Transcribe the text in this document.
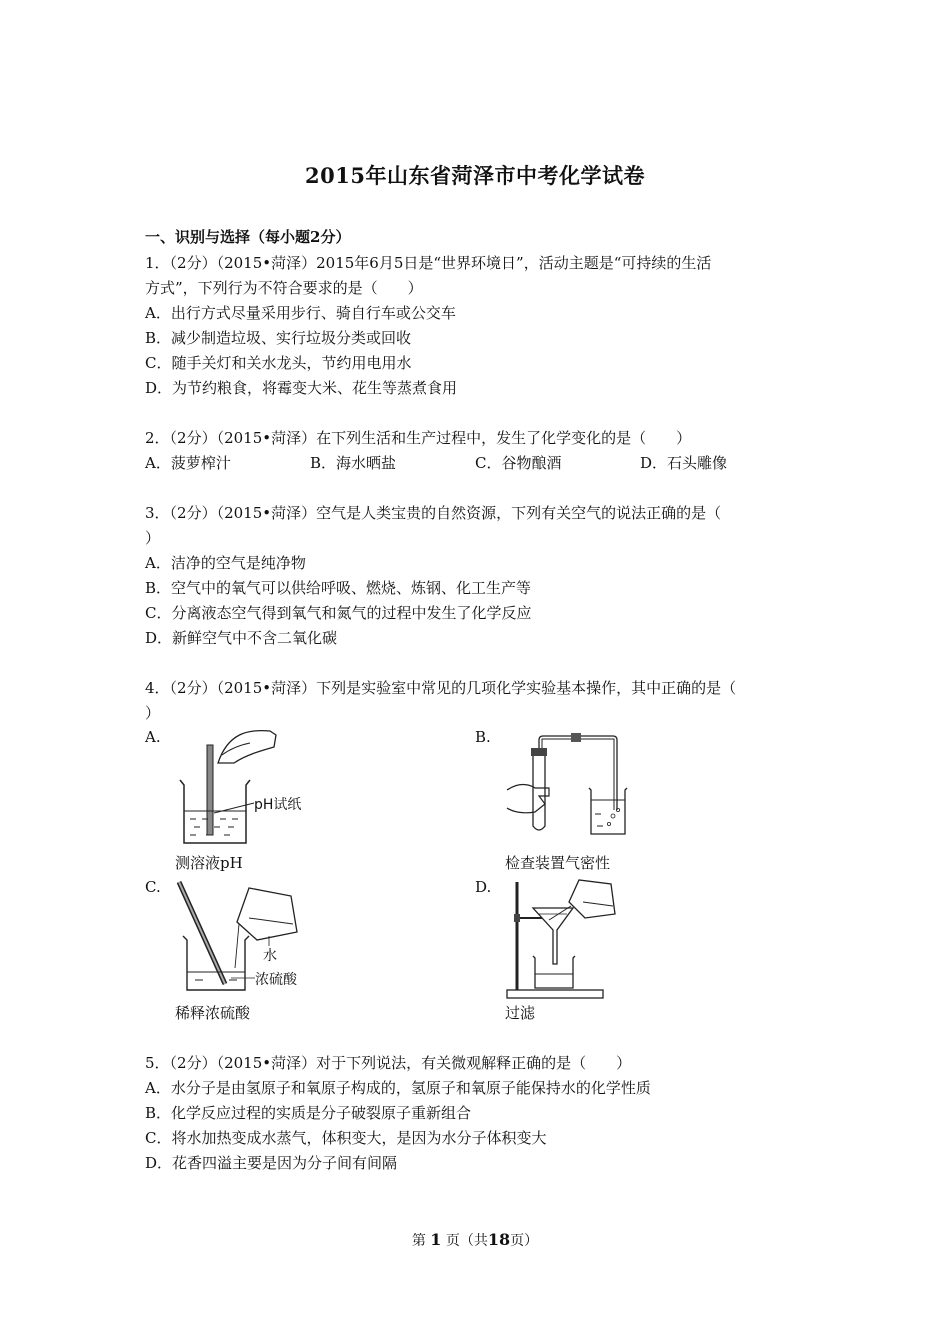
2015年山东省菏泽市中考化学试卷
一、识别与选择（每小题2分）
1．（2分）（2015•菏泽）2015年6月5日是“世界环境日”，活动主题是“可持续的生活
方式”，下列行为不符合要求的是（　　）
A．出行方式尽量采用步行、骑自行车或公交车
B．减少制造垃圾、实行垃圾分类或回收
C．随手关灯和关水龙头，节约用电用水
D．为节约粮食，将霉变大米、花生等蒸煮食用
2．（2分）（2015•菏泽）在下列生活和生产过程中，发生了化学变化的是（　　）
A．菠萝榨汁	B．海水晒盐	C．谷物酿酒	D．石头雕像
3．（2分）（2015•菏泽）空气是人类宝贵的自然资源，下列有关空气的说法正确的是（
）
A．洁净的空气是纯净物
B．空气中的氧气可以供给呼吸、燃烧、炼钢、化工生产等
C．分离液态空气得到氧气和氮气的过程中发生了化学反应
D．新鲜空气中不含二氧化碳
4．（2分）（2015•菏泽）下列是实验室中常见的几项化学实验基本操作，其中正确的是（
）
A.	B.
pH试纸
测溶液pH	检查装置气密性
C.	D.
水
浓硫酸
稀释浓硫酸	过滤
5．（2分）（2015•菏泽）对于下列说法，有关微观解释正确的是（　　）
A．水分子是由氢原子和氧原子构成的，氢原子和氧原子能保持水的化学性质
B．化学反应过程的实质是分子破裂原子重新组合
C．将水加热变成水蒸气，体积变大，是因为水分子体积变大
D．花香四溢主要是因为分子间有间隔
第 1 页（共18页）
